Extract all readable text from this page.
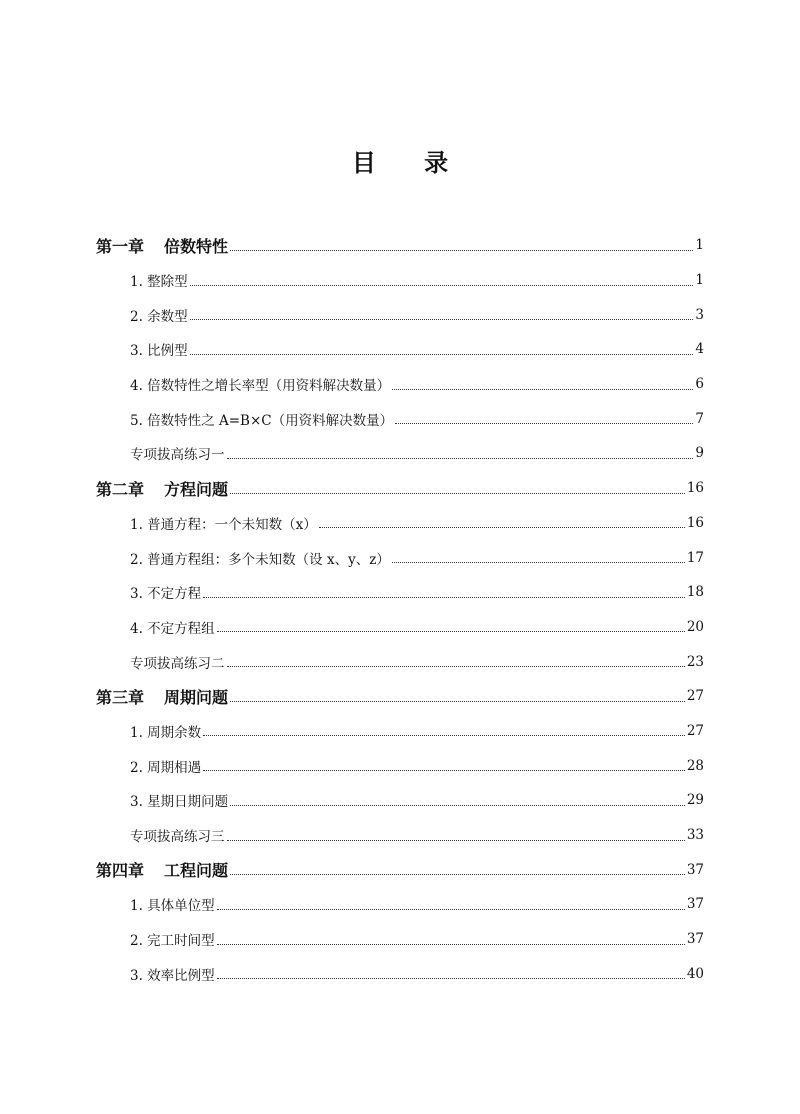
目 录
第一章 倍数特性	1
1. 整除型	1
2. 余数型	3
3. 比例型	4
4. 倍数特性之增长率型（用资料解决数量）	6
5. 倍数特性之 A=B×C（用资料解决数量）	7
专项拔高练习一	9
第二章 方程问题	16
1. 普通方程：一个未知数（x）	16
2. 普通方程组：多个未知数（设 x、y、z）	17
3. 不定方程	18
4. 不定方程组	20
专项拔高练习二	23
第三章 周期问题	27
1. 周期余数	27
2. 周期相遇	28
3. 星期日期问题	29
专项拔高练习三	33
第四章 工程问题	37
1. 具体单位型	37
2. 完工时间型	37
3. 效率比例型	40
